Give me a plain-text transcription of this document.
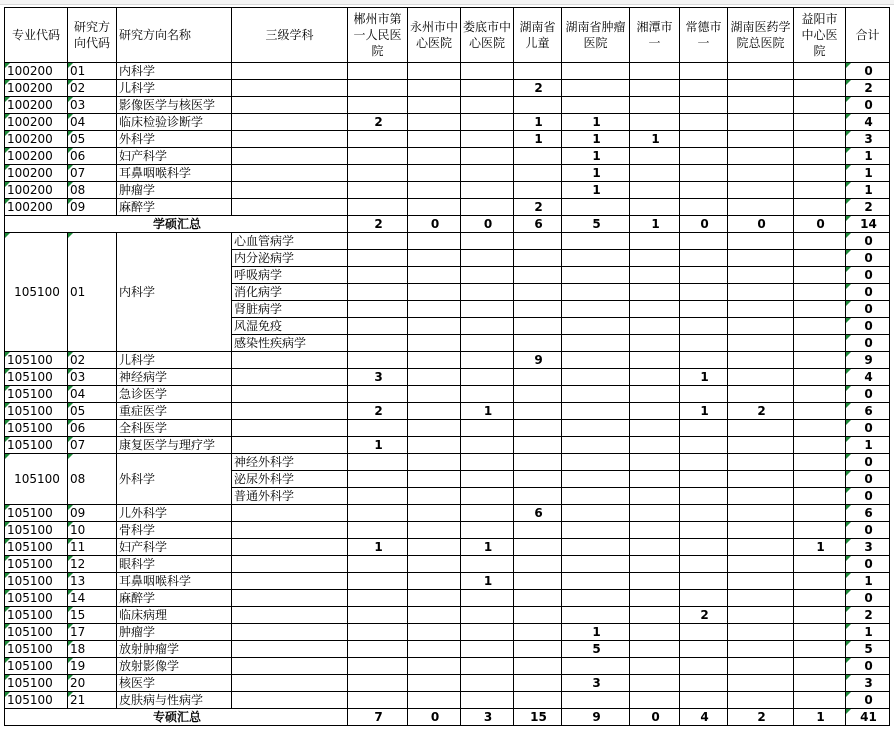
专业代码	研究方向代码	研究方向名称	三级学科	郴州市第一人民医院	永州市中心医院	娄底市中心医院	湖南省儿童	湖南省肿瘤医院	湘潭市一	常德市一	湖南医药学院总医院	益阳市中心医院	合计
100200	01	内科学											0
100200	02	儿科学					2						2
100200	03	影像医学与核医学											0
100200	04	临床检验诊断学		2			1	1					4
100200	05	外科学					1	1	1				3
100200	06	妇产科学						1					1
100200	07	耳鼻咽喉科学						1					1
100200	08	肿瘤学						1					1
100200	09	麻醉学					2						2
学硕汇总				2	0	0	6	5	1	0	0	0	14
105100	01	内科学	心血管病学										0
			内分泌病学										0
			呼吸病学										0
			消化病学										0
			肾脏病学										0
			风湿免疫										0
			感染性疾病学										0
105100	02	儿科学					9						9
105100	03	神经病学		3						1			4
105100	04	急诊医学											0
105100	05	重症医学		2		1				1	2		6
105100	06	全科医学											0
105100	07	康复医学与理疗学		1									1
105100	08	外科学	神经外科学										0
			泌尿外科学										0
			普通外科学										0
105100	09	儿外科学					6						6
105100	10	骨科学											0
105100	11	妇产科学		1		1						1	3
105100	12	眼科学											0
105100	13	耳鼻咽喉科学				1							1
105100	14	麻醉学											0
105100	15	临床病理								2			2
105100	17	肿瘤学						1					1
105100	18	放射肿瘤学						5					5
105100	19	放射影像学											0
105100	20	核医学						3					3
105100	21	皮肤病与性病学											0
专硕汇总				7	0	3	15	9	0	4	2	1	41
